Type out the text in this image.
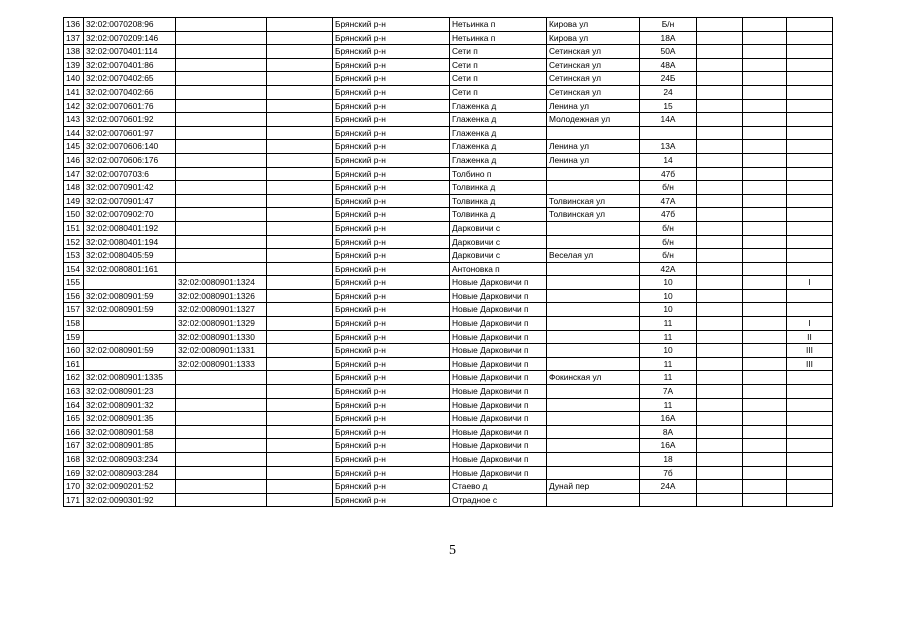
136	32:02:0070208:96			Брянский р-н	Нетьинка п	Кирова ул	Б/н			
137	32:02:0070209:146			Брянский р-н	Нетьинка п	Кирова ул	18А			
138	32:02:0070401:114			Брянский р-н	Сети п	Сетинская ул	50А			
139	32:02:0070401:86			Брянский р-н	Сети п	Сетинская ул	48А			
140	32:02:0070402:65			Брянский р-н	Сети п	Сетинская ул	24Б			
141	32:02:0070402:66			Брянский р-н	Сети п	Сетинская ул	24			
142	32:02:0070601:76			Брянский р-н	Глаженка д	Ленина ул	15			
143	32:02:0070601:92			Брянский р-н	Глаженка д	Молодежная ул	14А			
144	32:02:0070601:97			Брянский р-н	Глаженка д					
145	32:02:0070606:140			Брянский р-н	Глаженка д	Ленина ул	13А			
146	32:02:0070606:176			Брянский р-н	Глаженка д	Ленина ул	14			
147	32:02:0070703:6			Брянский р-н	Толбино п		47б			
148	32:02:0070901:42			Брянский р-н	Толвинка д		б/н			
149	32:02:0070901:47			Брянский р-н	Толвинка д	Толвинская ул	47А			
150	32:02:0070902:70			Брянский р-н	Толвинка д	Толвинская ул	47б			
151	32:02:0080401:192			Брянский р-н	Дарковичи с		б/н			
152	32:02:0080401:194			Брянский р-н	Дарковичи с		б/н			
153	32:02:0080405:59			Брянский р-н	Дарковичи с	Веселая ул	б/н			
154	32:02:0080801:161			Брянский р-н	Антоновка п		42А			
155		32:02:0080901:1324		Брянский р-н	Новые Дарковичи п		10			I
156	32:02:0080901:59	32:02:0080901:1326		Брянский р-н	Новые Дарковичи п		10			
157	32:02:0080901:59	32:02:0080901:1327		Брянский р-н	Новые Дарковичи п		10			
158		32:02:0080901:1329		Брянский р-н	Новые Дарковичи п		11			I
159		32:02:0080901:1330		Брянский р-н	Новые Дарковичи п		11			II
160	32:02:0080901:59	32:02:0080901:1331		Брянский р-н	Новые Дарковичи п		10			III
161		32:02:0080901:1333		Брянский р-н	Новые Дарковичи п		11			III
162	32:02:0080901:1335			Брянский р-н	Новые Дарковичи п	Фокинская ул	11			
163	32:02:0080901:23			Брянский р-н	Новые Дарковичи п		7А			
164	32:02:0080901:32			Брянский р-н	Новые Дарковичи п		11			
165	32:02:0080901:35			Брянский р-н	Новые Дарковичи п		16А			
166	32:02:0080901:58			Брянский р-н	Новые Дарковичи п		8А			
167	32:02:0080901:85			Брянский р-н	Новые Дарковичи п		16А			
168	32:02:0080903:234			Брянский р-н	Новые Дарковичи п		18			
169	32:02:0080903:284			Брянский р-н	Новые Дарковичи п		7б			
170	32:02:0090201:52			Брянский р-н	Стаево д	Дунай пер	24А			
171	32:02:0090301:92			Брянский р-н	Отрадное с					
5
